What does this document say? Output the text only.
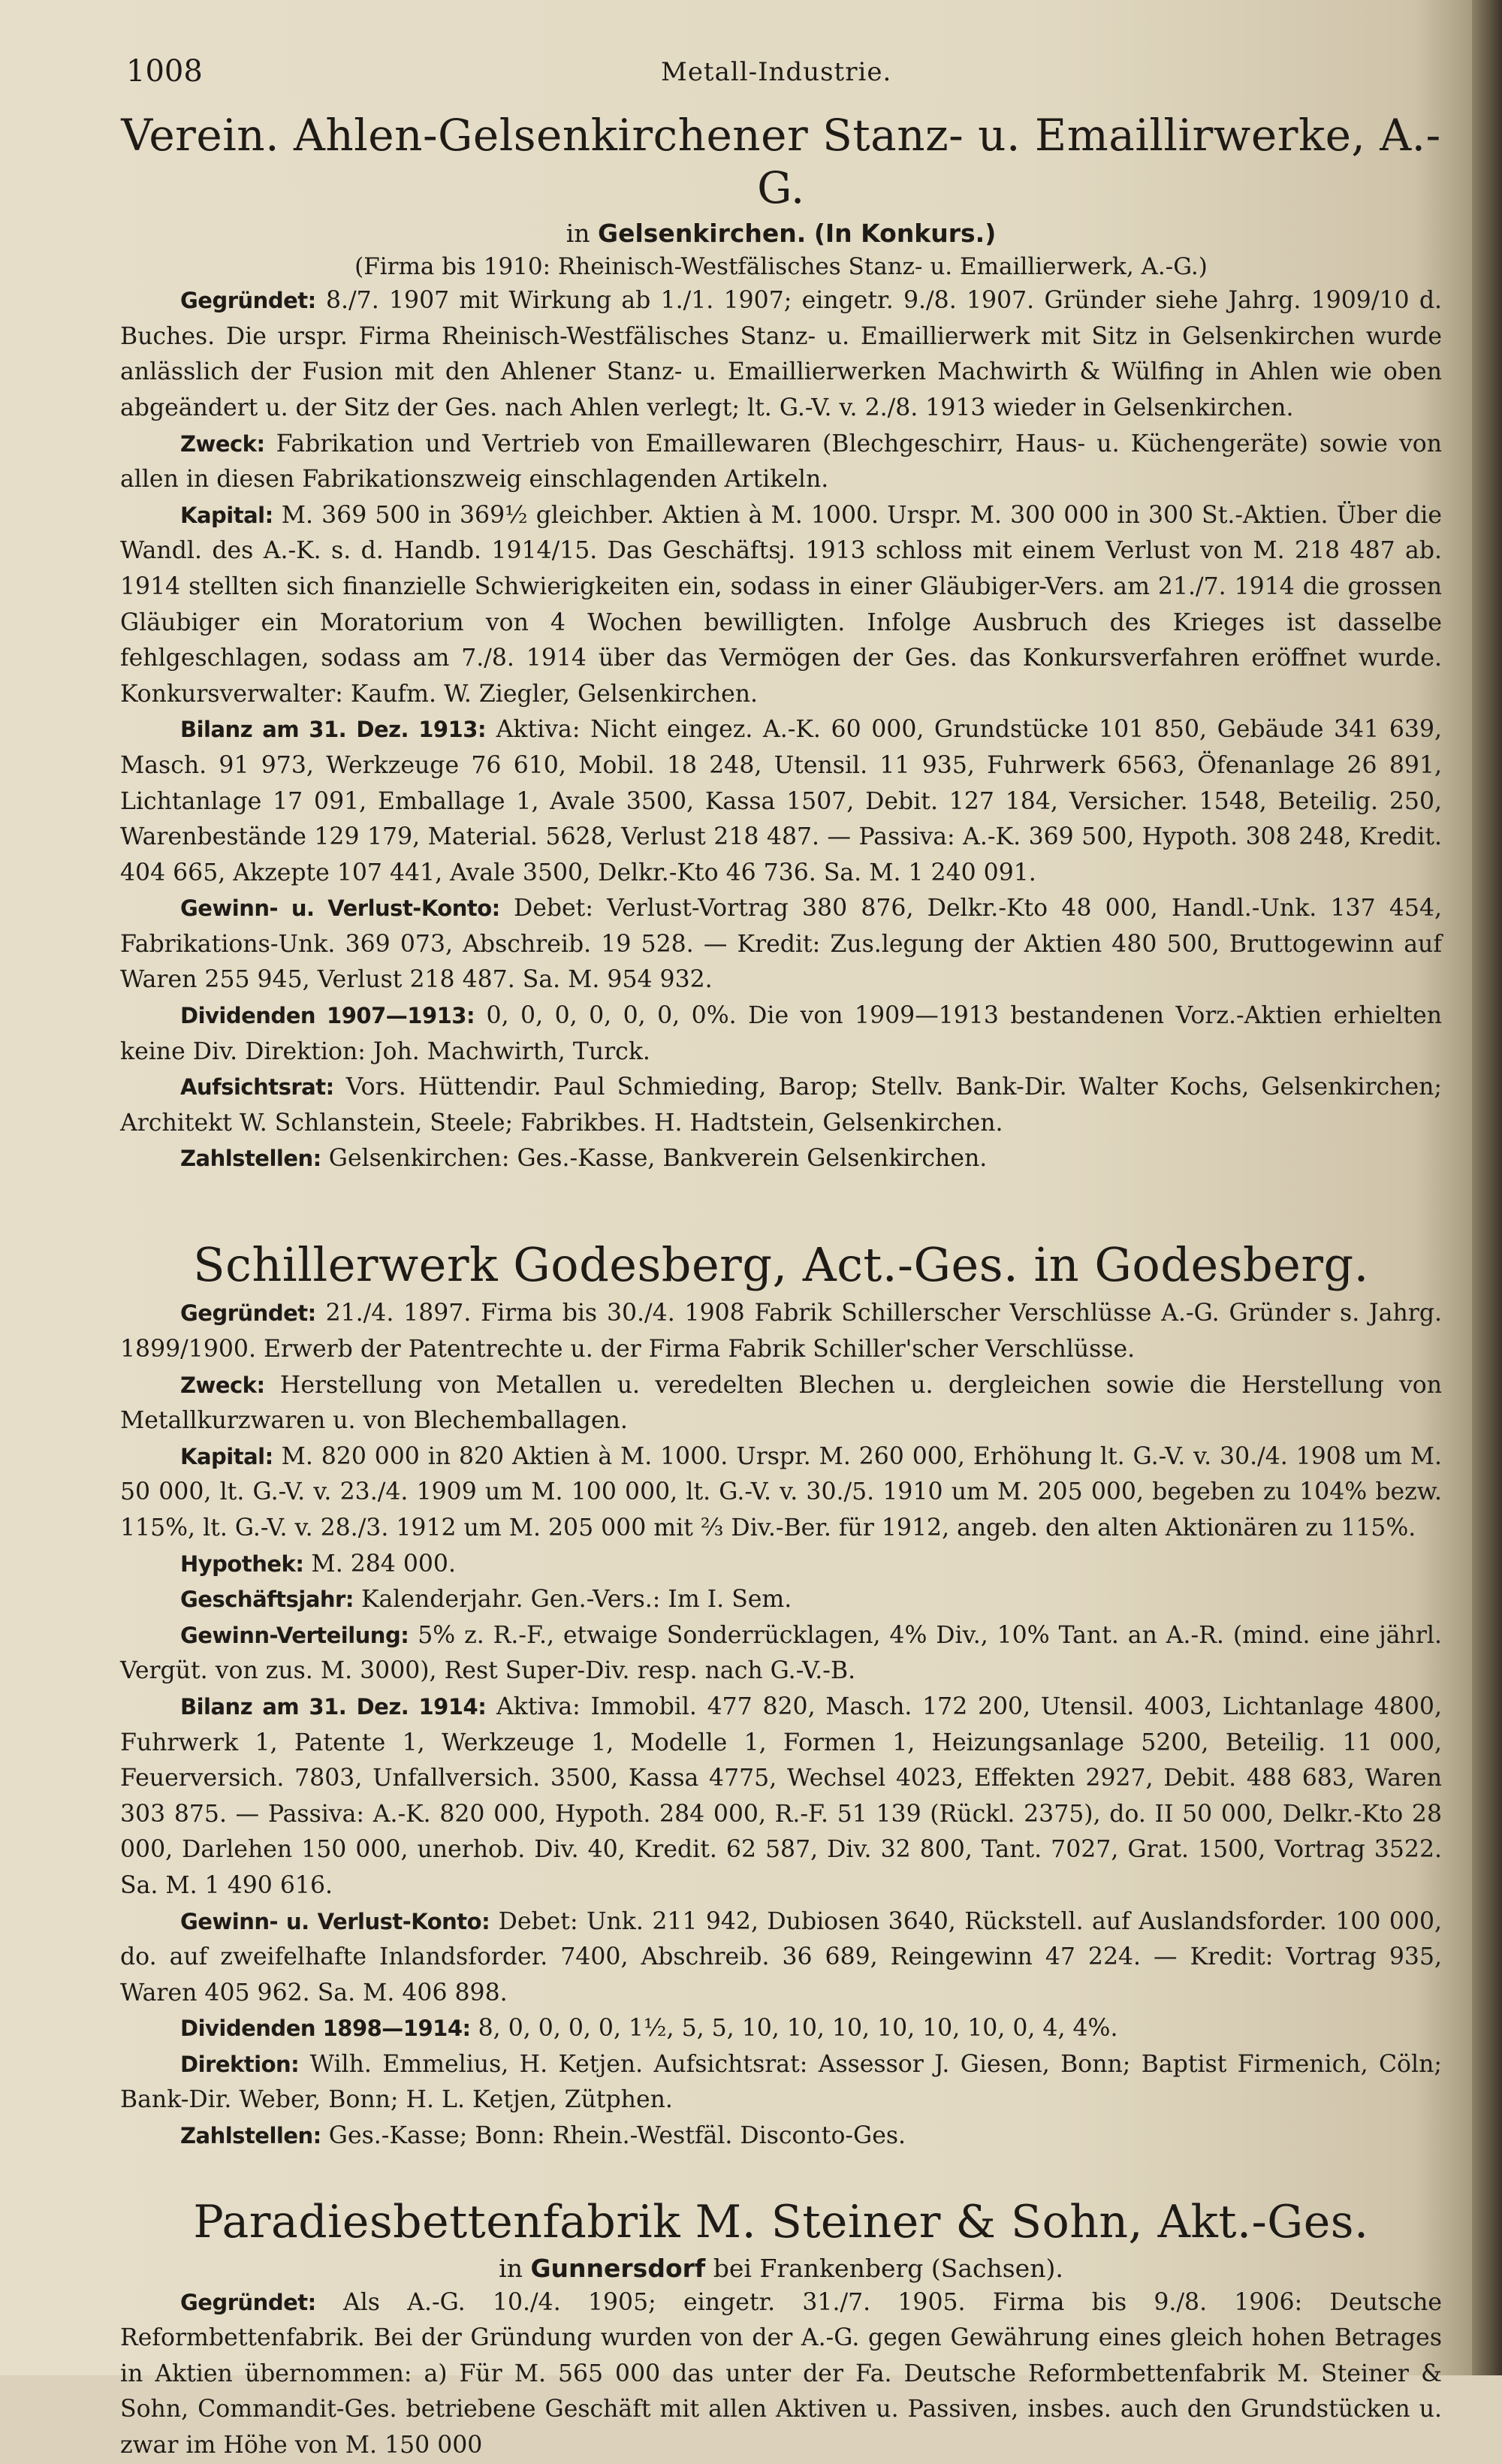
1008	Metall-Industrie.
Verein. Ahlen-Gelsenkirchener Stanz- u. Emaillirwerke, A.-G.
in Gelsenkirchen. (In Konkurs.)
(Firma bis 1910: Rheinisch-Westfälisches Stanz- u. Emaillierwerk, A.-G.)

Gegründet: 8./7. 1907 mit Wirkung ab 1./1. 1907; eingetr. 9./8. 1907. Gründer siehe Jahrg. 1909/10 d. Buches. Die urspr. Firma Rheinisch-Westfälisches Stanz- u. Emaillierwerk mit Sitz in Gelsenkirchen wurde anlässlich der Fusion mit den Ahlener Stanz- u. Emaillierwerken Machwirth & Wülfing in Ahlen wie oben abgeändert u. der Sitz der Ges. nach Ahlen verlegt; lt. G.-V. v. 2./8. 1913 wieder in Gelsenkirchen.

Zweck: Fabrikation und Vertrieb von Emaillewaren (Blechgeschirr, Haus- u. Küchengeräte) sowie von allen in diesen Fabrikationszweig einschlagenden Artikeln.

Kapital: M. 369 500 in 369½ gleichber. Aktien à M. 1000. Urspr. M. 300 000 in 300 St.-Aktien. Über die Wandl. des A.-K. s. d. Handb. 1914/15. Das Geschäftsj. 1913 schloss mit einem Verlust von M. 218 487 ab. 1914 stellten sich finanzielle Schwierigkeiten ein, sodass in einer Gläubiger-Vers. am 21./7. 1914 die grossen Gläubiger ein Moratorium von 4 Wochen bewilligten. Infolge Ausbruch des Krieges ist dasselbe fehlgeschlagen, sodass am 7./8. 1914 über das Vermögen der Ges. das Konkursverfahren eröffnet wurde. Konkursverwalter: Kaufm. W. Ziegler, Gelsenkirchen.

Bilanz am 31. Dez. 1913: Aktiva: Nicht eingez. A.-K. 60 000, Grundstücke 101 850, Gebäude 341 639, Masch. 91 973, Werkzeuge 76 610, Mobil. 18 248, Utensil. 11 935, Fuhrwerk 6563, Öfenanlage 26 891, Lichtanlage 17 091, Emballage 1, Avale 3500, Kassa 1507, Debit. 127 184, Versicher. 1548, Beteilig. 250, Warenbestände 129 179, Material. 5628, Verlust 218 487. — Passiva: A.-K. 369 500, Hypoth. 308 248, Kredit. 404 665, Akzepte 107 441, Avale 3500, Delkr.-Kto 46 736. Sa. M. 1 240 091.

Gewinn- u. Verlust-Konto: Debet: Verlust-Vortrag 380 876, Delkr.-Kto 48 000, Handl.-Unk. 137 454, Fabrikations-Unk. 369 073, Abschreib. 19 528. — Kredit: Zus.legung der Aktien 480 500, Bruttogewinn auf Waren 255 945, Verlust 218 487. Sa. M. 954 932.

Dividenden 1907—1913: 0, 0, 0, 0, 0, 0, 0%. Die von 1909—1913 bestandenen Vorz.-Aktien erhielten keine Div. Direktion: Joh. Machwirth, Turck.

Aufsichtsrat: Vors. Hüttendir. Paul Schmieding, Barop; Stellv. Bank-Dir. Walter Kochs, Gelsenkirchen; Architekt W. Schlanstein, Steele; Fabrikbes. H. Hadtstein, Gelsenkirchen.

Zahlstellen: Gelsenkirchen: Ges.-Kasse, Bankverein Gelsenkirchen.

Schillerwerk Godesberg, Act.-Ges. in Godesberg.

Gegründet: 21./4. 1897. Firma bis 30./4. 1908 Fabrik Schillerscher Verschlüsse A.-G. Gründer s. Jahrg. 1899/1900. Erwerb der Patentrechte u. der Firma Fabrik Schiller'scher Verschlüsse.

Zweck: Herstellung von Metallen u. veredelten Blechen u. dergleichen sowie die Herstellung von Metallkurzwaren u. von Blechemballagen.

Kapital: M. 820 000 in 820 Aktien à M. 1000. Urspr. M. 260 000, Erhöhung lt. G.-V. v. 30./4. 1908 um M. 50 000, lt. G.-V. v. 23./4. 1909 um M. 100 000, lt. G.-V. v. 30./5. 1910 um M. 205 000, begeben zu 104% bezw. 115%, lt. G.-V. v. 28./3. 1912 um M. 205 000 mit ⅔ Div.-Ber. für 1912, angeb. den alten Aktionären zu 115%.

Hypothek: M. 284 000.

Geschäftsjahr: Kalenderjahr. Gen.-Vers.: Im I. Sem.

Gewinn-Verteilung: 5% z. R.-F., etwaige Sonderrücklagen, 4% Div., 10% Tant. an A.-R. (mind. eine jährl. Vergüt. von zus. M. 3000), Rest Super-Div. resp. nach G.-V.-B.

Bilanz am 31. Dez. 1914: Aktiva: Immobil. 477 820, Masch. 172 200, Utensil. 4003, Lichtanlage 4800, Fuhrwerk 1, Patente 1, Werkzeuge 1, Modelle 1, Formen 1, Heizungsanlage 5200, Beteilig. 11 000, Feuerversich. 7803, Unfallversich. 3500, Kassa 4775, Wechsel 4023, Effekten 2927, Debit. 488 683, Waren 303 875. — Passiva: A.-K. 820 000, Hypoth. 284 000, R.-F. 51 139 (Rückl. 2375), do. II 50 000, Delkr.-Kto 28 000, Darlehen 150 000, unerhob. Div. 40, Kredit. 62 587, Div. 32 800, Tant. 7027, Grat. 1500, Vortrag 3522. Sa. M. 1 490 616.

Gewinn- u. Verlust-Konto: Debet: Unk. 211 942, Dubiosen 3640, Rückstell. auf Auslandsforder. 100 000, do. auf zweifelhafte Inlandsforder. 7400, Abschreib. 36 689, Reingewinn 47 224. — Kredit: Vortrag 935, Waren 405 962. Sa. M. 406 898.

Dividenden 1898—1914: 8, 0, 0, 0, 0, 1½, 5, 5, 10, 10, 10, 10, 10, 10, 0, 4, 4%.

Direktion: Wilh. Emmelius, H. Ketjen. Aufsichtsrat: Assessor J. Giesen, Bonn; Baptist Firmenich, Cöln; Bank-Dir. Weber, Bonn; H. L. Ketjen, Zütphen.

Zahlstellen: Ges.-Kasse; Bonn: Rhein.-Westfäl. Disconto-Ges.

Paradiesbettenfabrik M. Steiner & Sohn, Akt.-Ges.
in Gunnersdorf bei Frankenberg (Sachsen).

Gegründet: Als A.-G. 10./4. 1905; eingetr. 31./7. 1905. Firma bis 9./8. 1906: Deutsche Reformbettenfabrik. Bei der Gründung wurden von der A.-G. gegen Gewährung eines gleich hohen Betrages in Aktien übernommen: a) Für M. 565 000 das unter der Fa. Deutsche Reformbettenfabrik M. Steiner & Sohn, Commandit-Ges. betriebene Geschäft mit allen Aktiven u. Passiven, insbes. auch den Grundstücken u. zwar im Höhe von M. 150 000
